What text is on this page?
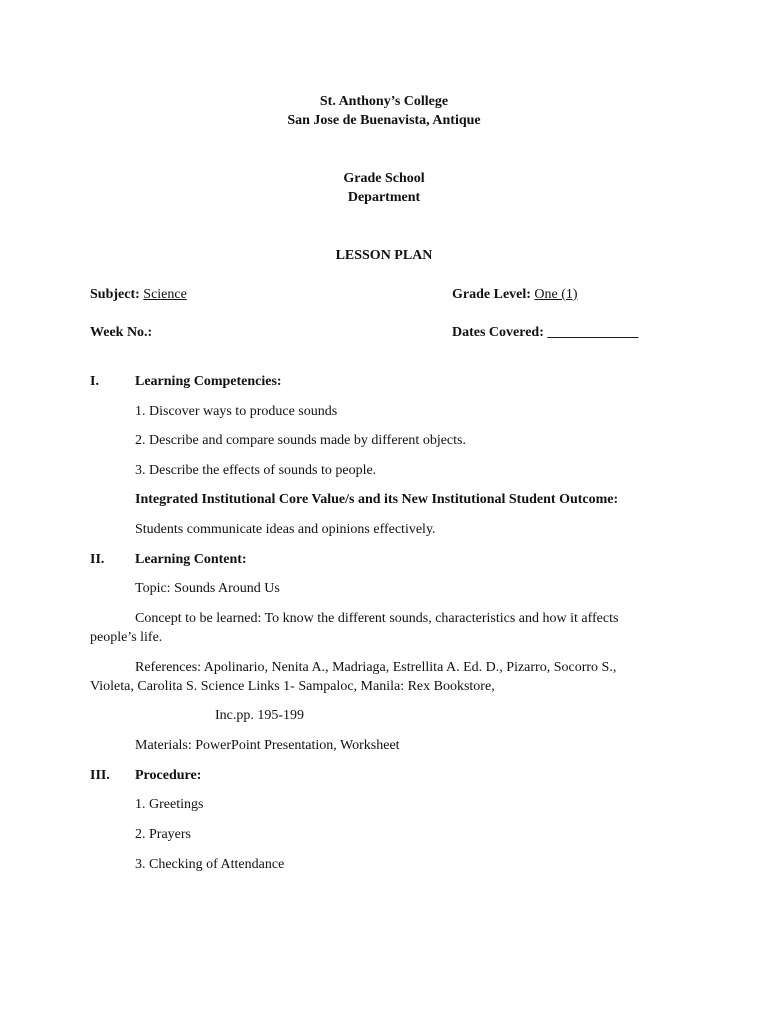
St. Anthony’s College
San Jose de Buenavista, Antique
Grade School
Department
LESSON PLAN
Subject: Science	Grade Level: One (1)
Week No.:	Dates Covered: _____________
I.	Learning Competencies:
1. Discover ways to produce sounds
2. Describe and compare sounds made by different objects.
3. Describe the effects of sounds to people.
Integrated Institutional Core Value/s and its New Institutional Student Outcome:
Students communicate ideas and opinions effectively.
II. Learning Content:
Topic: Sounds Around Us
Concept to be learned: To know the different sounds, characteristics and how it affects
people’s life.
References: Apolinario, Nenita A., Madriaga, Estrellita A. Ed. D., Pizarro, Socorro S.,
Violeta, Carolita S. Science Links 1- Sampaloc, Manila: Rex Bookstore,
Inc.pp. 195-199
Materials: PowerPoint Presentation, Worksheet
III. Procedure:
1. Greetings
2. Prayers
3. Checking of Attendance
